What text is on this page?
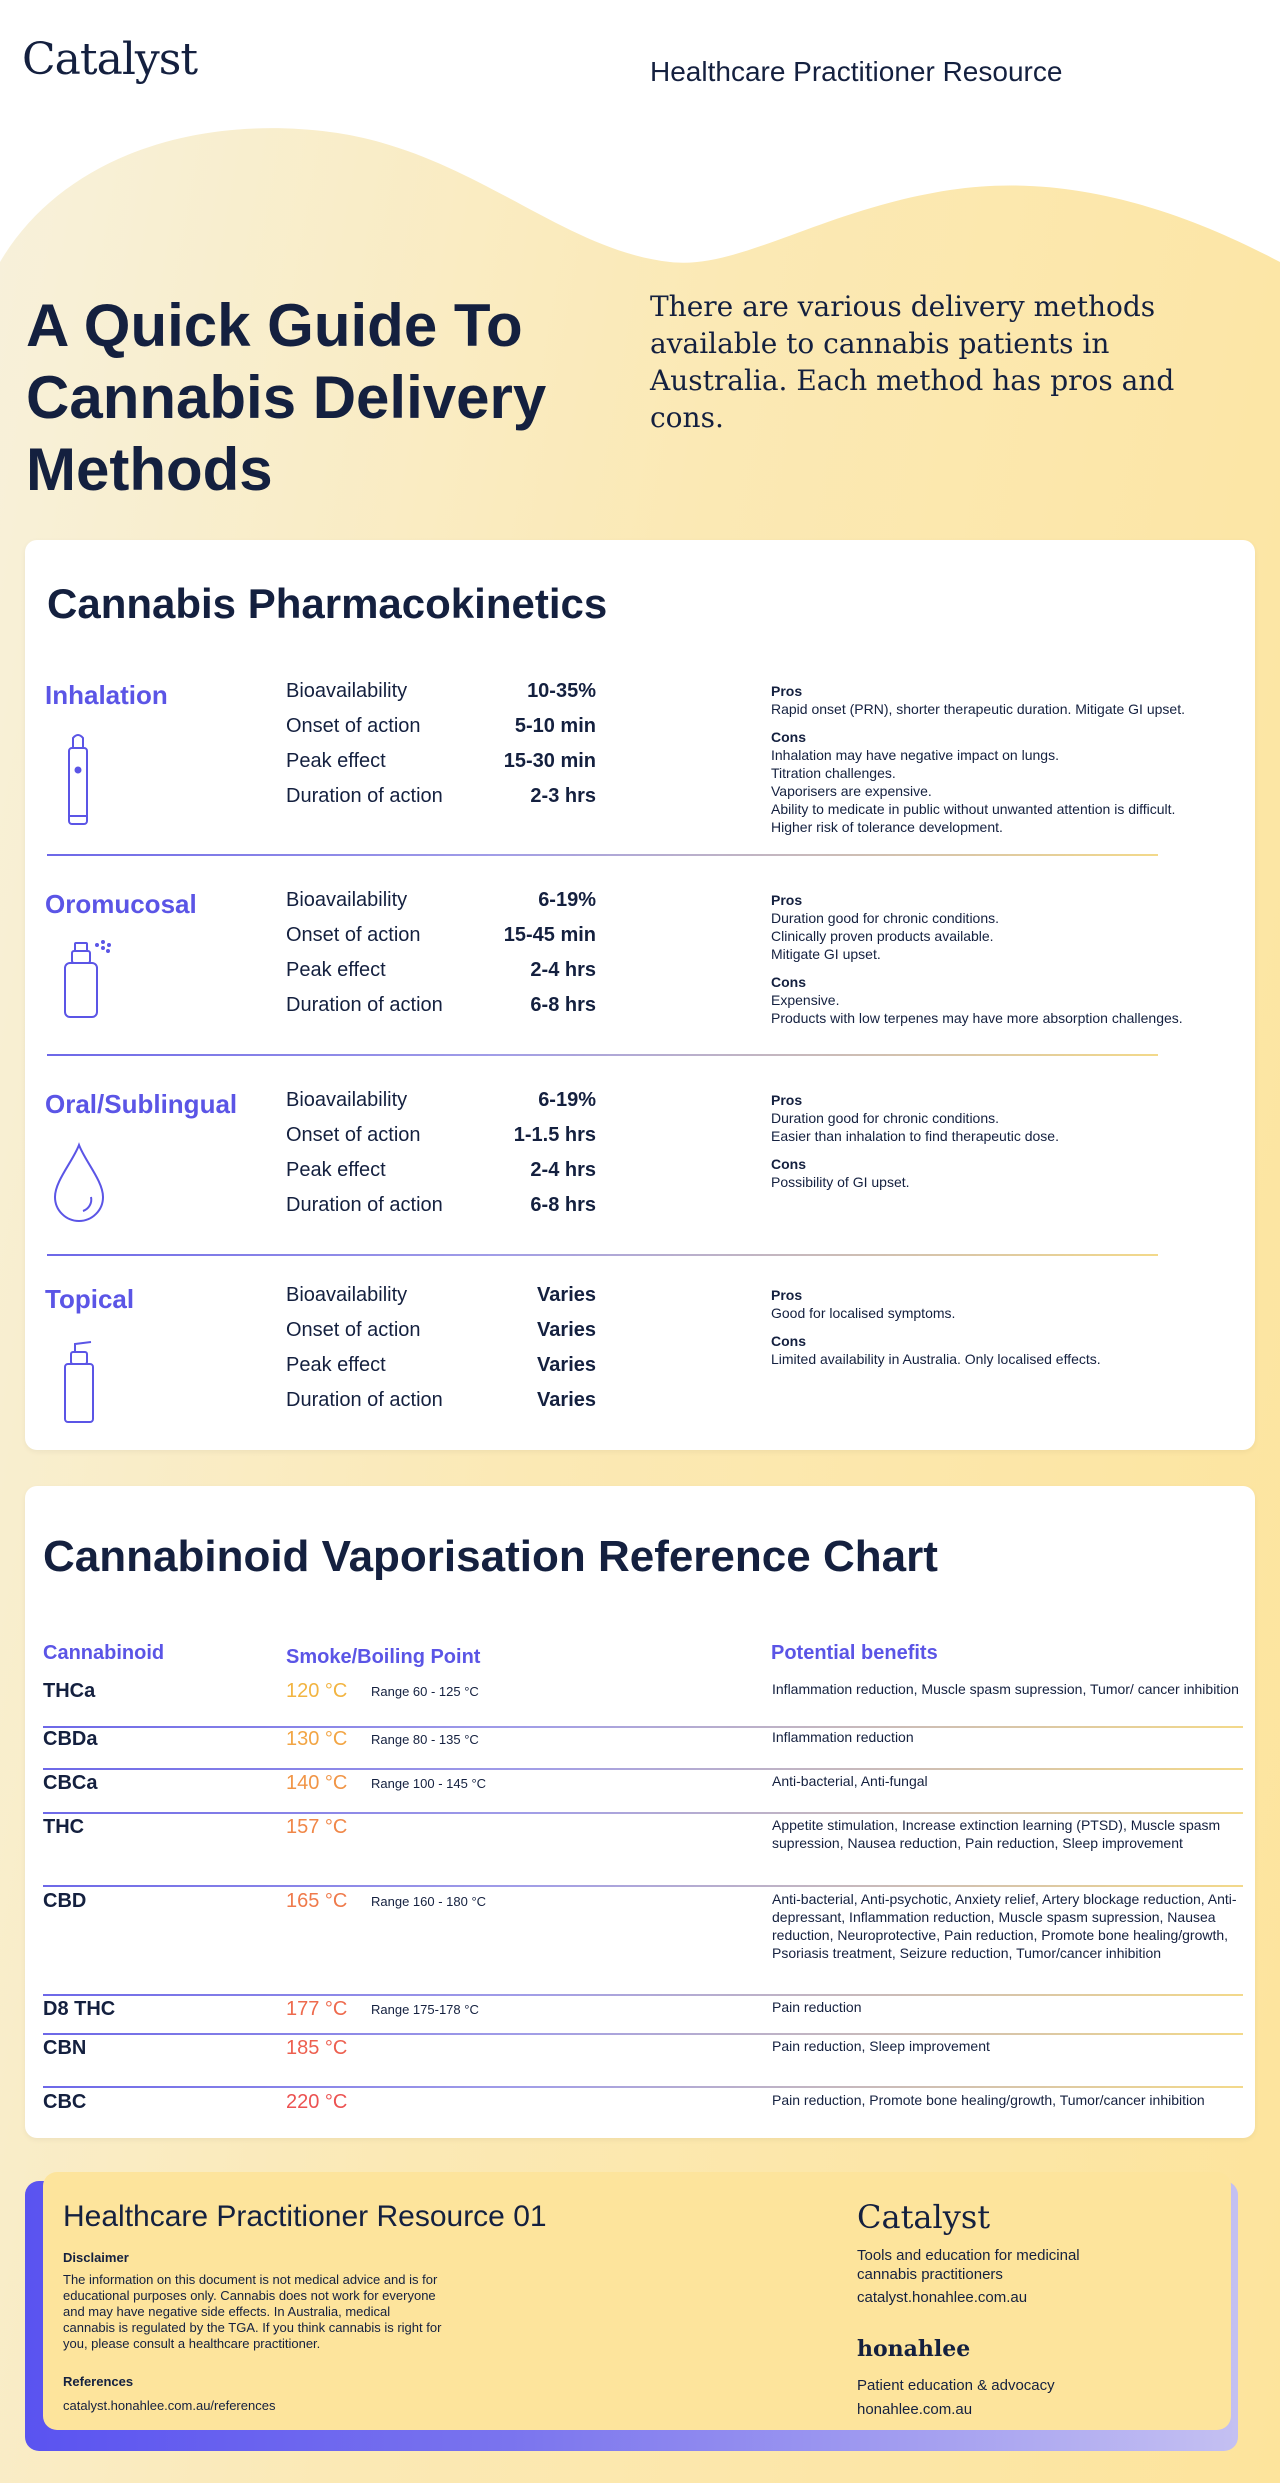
Catalyst	Healthcare Practitioner Resource
A Quick Guide To Cannabis Delivery Methods

There are various delivery methods available to cannabis patients in Australia. Each method has pros and cons.

Cannabis Pharmacokinetics
Inhalation	Bioavailability	10-35%
Onset of action	5-10 min
Peak effect	15-30 min
Duration of action	2-3 hrs
Pros
Rapid onset (PRN), shorter therapeutic duration. Mitigate GI upset.
Cons
Inhalation may have negative impact on lungs.
Titration challenges.
Vaporisers are expensive.
Ability to medicate in public without unwanted attention is difficult.
Higher risk of tolerance development.
Oromucosal	Bioavailability	6-19%
Onset of action	15-45 min
Peak effect	2-4 hrs
Duration of action	6-8 hrs
Pros
Duration good for chronic conditions.
Clinically proven products available.
Mitigate GI upset.
Cons
Expensive.
Products with low terpenes may have more absorption challenges.
Oral/Sublingual Bioavailability	6-19%
Onset of action	1-1.5 hrs
Peak effect	2-4 hrs
Duration of action	6-8 hrs
Pros
Duration good for chronic conditions.
Easier than inhalation to find therapeutic dose.
Cons
Possibility of GI upset.
Topical	Bioavailability	Varies
Onset of action	Varies
Peak effect	Varies
Duration of action	Varies
Pros
Good for localised symptoms.
Cons
Limited availability in Australia. Only localised effects.
Cannabinoid Vaporisation Reference Chart
Cannabinoid	Smoke/Boiling Point	Potential benefits
THCa	120 °C Range 60 - 125 °C	Inflammation reduction, Muscle spasm supression, Tumor/ cancer inhibition
CBDa	130 °C Range 80 - 135 °C	Inflammation reduction
CBCa	140 °C Range 100 - 145 °C	Anti-bacterial, Anti-fungal
THC	157 °C	Appetite stimulation, Increase extinction learning (PTSD), Muscle spasm supression, Nausea reduction, Pain reduction, Sleep improvement
CBD	165 °C Range 160 - 180 °C	Anti-bacterial, Anti-psychotic, Anxiety relief, Artery blockage reduction, Anti-depressant, Inflammation reduction, Muscle spasm supression, Nausea reduction, Neuroprotective, Pain reduction, Promote bone healing/growth, Psoriasis treatment, Seizure reduction, Tumor/cancer inhibition
D8 THC	177 °C Range 175-178 °C	Pain reduction
CBN	185 °C	Pain reduction, Sleep improvement
CBC	220 °C	Pain reduction, Promote bone healing/growth, Tumor/cancer inhibition
Healthcare Practitioner Resource 01
Disclaimer
The information on this document is not medical advice and is for educational purposes only. Cannabis does not work for everyone and may have negative side effects. In Australia, medical cannabis is regulated by the TGA. If you think cannabis is right for you, please consult a healthcare practitioner.
References
catalyst.honahlee.com.au/references
Catalyst
Tools and education for medicinal cannabis practitioners
catalyst.honahlee.com.au
honahlee
Patient education & advocacy
honahlee.com.au
